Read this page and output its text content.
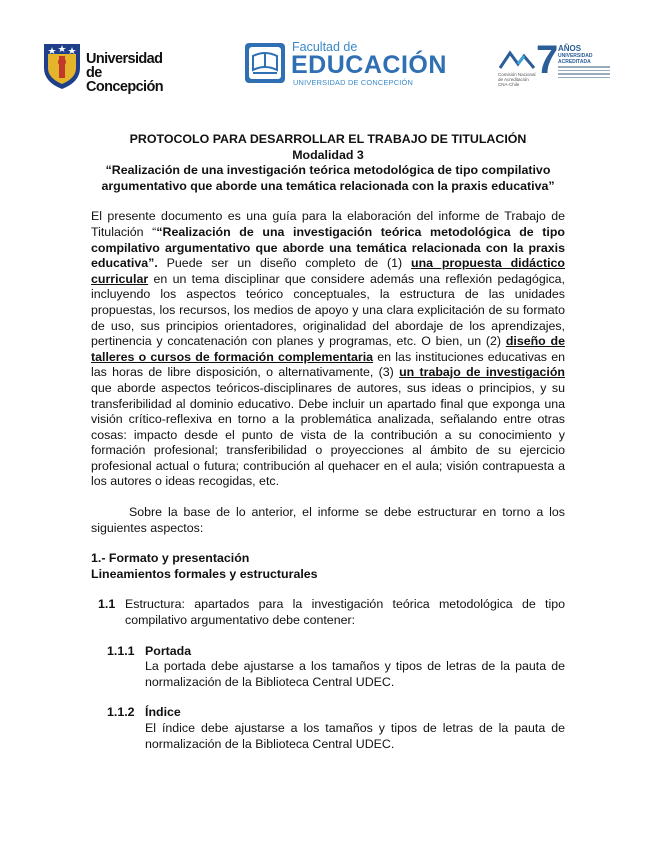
Universidad
de Concepción
Facultad de
EDUCACIÓN
UNIVERSIDAD DE CONCEPCIÓN
7 AÑOS
UNIVERSIDAD ACREDITADA
Comisión Nacional de Acreditación CNA-Chile
PROTOCOLO PARA DESARROLLAR EL TRABAJO DE TITULACIÓN
Modalidad 3
“Realización de una investigación teórica metodológica de tipo compilativo argumentativo que aborde una temática relacionada con la praxis educativa”

El presente documento es una guía para la elaboración del informe de Trabajo de Titulación ““Realización de una investigación teórica metodológica de tipo compilativo argumentativo que aborde una temática relacionada con la praxis educativa”. Puede ser un diseño completo de (1) una propuesta didáctico curricular en un tema disciplinar que considere además una reflexión pedagógica, incluyendo los aspectos teórico conceptuales, la estructura de las unidades propuestas, los recursos, los medios de apoyo y una clara explicitación de su formato de uso, sus principios orientadores, originalidad del abordaje de los aprendizajes, pertinencia y concatenación con planes y programas, etc. O bien, un (2) diseño de talleres o cursos de formación complementaria en las instituciones educativas en las horas de libre disposición, o alternativamente, (3) un trabajo de investigación que aborde aspectos teóricos-disciplinares de autores, sus ideas o principios, y su transferibilidad al dominio educativo. Debe incluir un apartado final que exponga una visión crítico-reflexiva en torno a la problemática analizada, señalando entre otras cosas: impacto desde el punto de vista de la contribución a su conocimiento y formación profesional; transferibilidad o proyecciones al ámbito de su ejercicio profesional actual o futura; contribución al quehacer en el aula; visión contrapuesta a los autores o ideas recogidas, etc.

Sobre la base de lo anterior, el informe se debe estructurar en torno a los siguientes aspectos:

1.- Formato y presentación
Lineamientos formales y estructurales
1.1 Estructura: apartados para la investigación teórica metodológica de tipo compilativo argumentativo debe contener:
1.1.1 Portada
La portada debe ajustarse a los tamaños y tipos de letras de la pauta de normalización de la Biblioteca Central UDEC.
1.1.2 Índice
El índice debe ajustarse a los tamaños y tipos de letras de la pauta de normalización de la Biblioteca Central UDEC.
